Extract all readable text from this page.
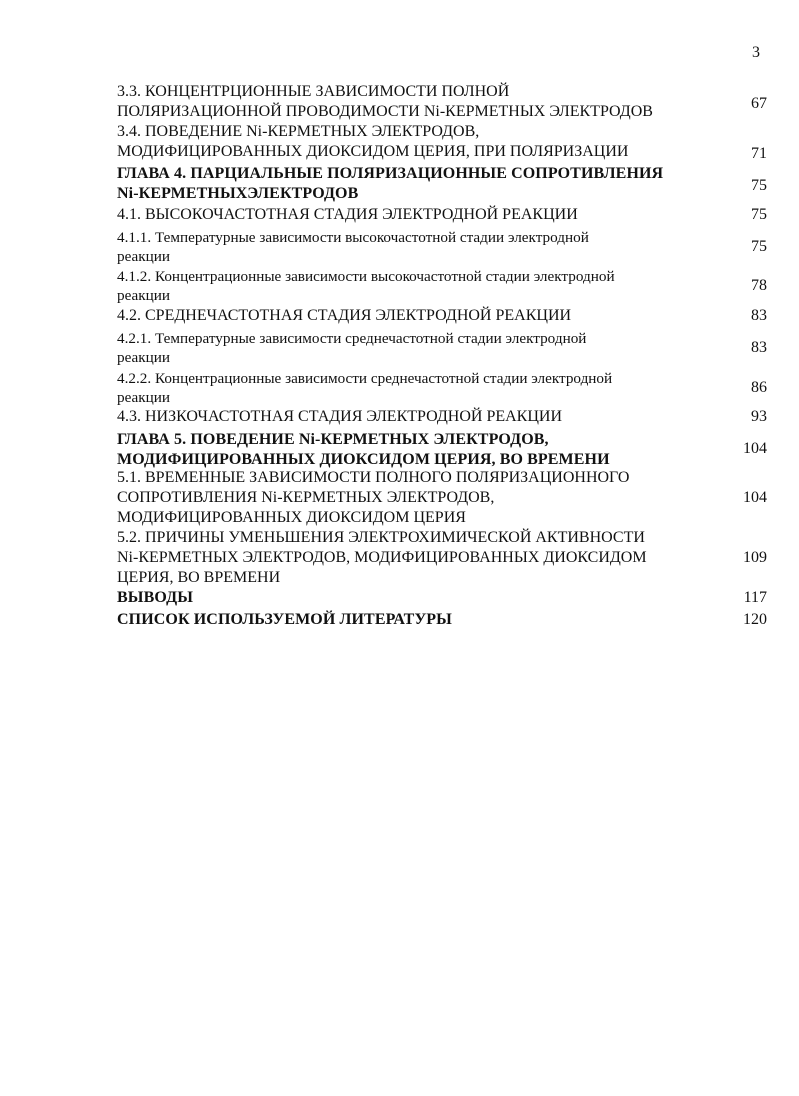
3
3.3. КОНЦЕНТРЦИОННЫЕ ЗАВИСИМОСТИ ПОЛНОЙ
ПОЛЯРИЗАЦИОННОЙ ПРОВОДИМОСТИ Ni-КЕРМЕТНЫХ ЭЛЕКТРОДОВ	67
3.4. ПОВЕДЕНИЕ Ni-КЕРМЕТНЫХ ЭЛЕКТРОДОВ,
МОДИФИЦИРОВАННЫХ ДИОКСИДОМ ЦЕРИЯ, ПРИ ПОЛЯРИЗАЦИИ	71
ГЛАВА 4. ПАРЦИАЛЬНЫЕ ПОЛЯРИЗАЦИОННЫЕ СОПРОТИВЛЕНИЯ
Ni-КЕРМЕТНЫХЭЛЕКТРОДОВ	75
4.1. ВЫСОКОЧАСТОТНАЯ СТАДИЯ ЭЛЕКТРОДНОЙ РЕАКЦИИ	75
4.1.1. Температурные зависимости высокочастотной стадии электродной
реакции
75
4.1.2. Концентрационные зависимости высокочастотной стадии электродной
реакции
78
4.2. СРЕДНЕЧАСТОТНАЯ СТАДИЯ ЭЛЕКТРОДНОЙ РЕАКЦИИ	83
4.2.1. Температурные зависимости среднечастотной стадии электродной
реакции
83
4.2.2. Концентрационные зависимости среднечастотной стадии электродной
реакции
86
4.3. НИЗКОЧАСТОТНАЯ СТАДИЯ ЭЛЕКТРОДНОЙ РЕАКЦИИ	93
ГЛАВА 5. ПОВЕДЕНИЕ Ni-КЕРМЕТНЫХ ЭЛЕКТРОДОВ,
МОДИФИЦИРОВАННЫХ ДИОКСИДОМ ЦЕРИЯ, ВО ВРЕМЕНИ
104
5.1. ВРЕМЕННЫЕ ЗАВИСИМОСТИ ПОЛНОГО ПОЛЯРИЗАЦИОННОГО
СОПРОТИВЛЕНИЯ Ni-КЕРМЕТНЫХ ЭЛЕКТРОДОВ,
МОДИФИЦИРОВАННЫХ ДИОКСИДОМ ЦЕРИЯ
104
5.2. ПРИЧИНЫ УМЕНЬШЕНИЯ ЭЛЕКТРОХИМИЧЕСКОЙ АКТИВНОСТИ
Ni-КЕРМЕТНЫХ ЭЛЕКТРОДОВ, МОДИФИЦИРОВАННЫХ ДИОКСИДОМ
ЦЕРИЯ, ВО ВРЕМЕНИ
109
ВЫВОДЫ	117
СПИСОК ИСПОЛЬЗУЕМОЙ ЛИТЕРАТУРЫ	120
